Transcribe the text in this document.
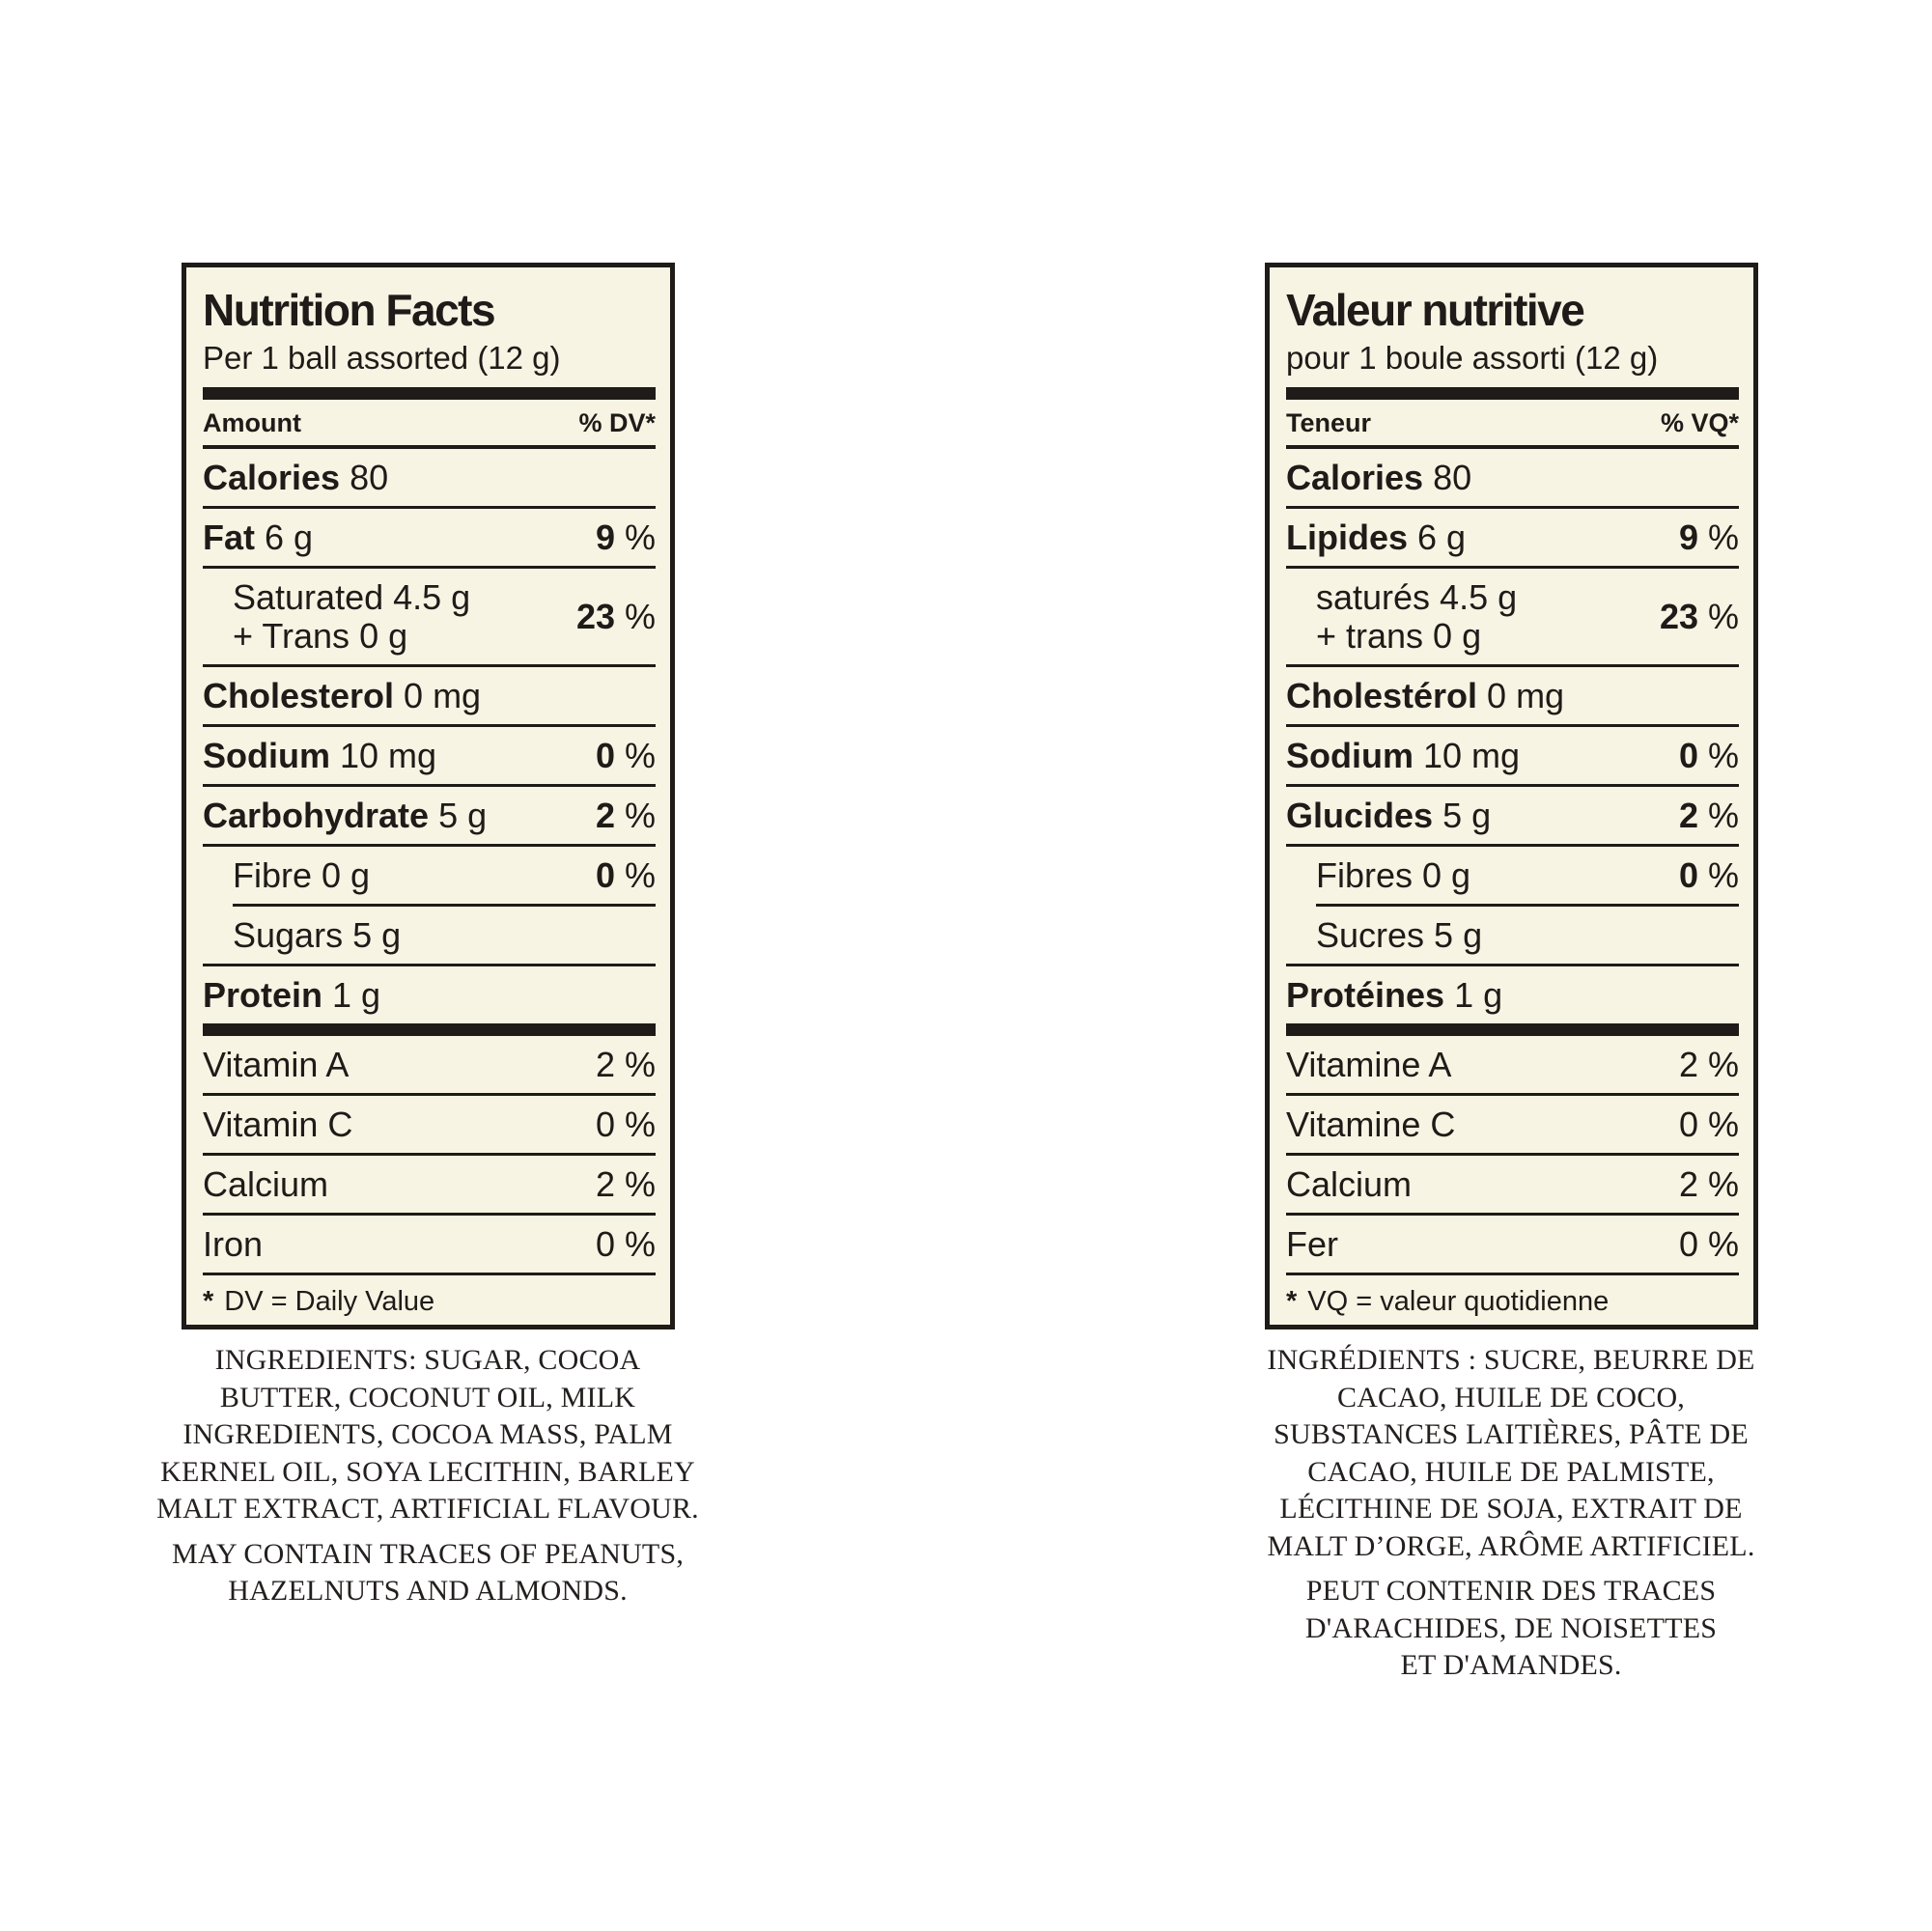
Nutrition Facts

Per 1 ball assorted (12 g)

Amount	% DV*
Calories 80
Fat 6 g	9 %
Saturated 4.5 g
+ Trans 0 g	23 %
Cholesterol 0 mg
Sodium 10 mg	0 %
Carbohydrate 5 g	2 %
Fibre 0 g	0 %
Sugars 5 g
Protein 1 g
Vitamin A	2 %
Vitamin C	0 %
Calcium	2 %
Iron	0 %
* DV = Daily Value
Valeur nutritive

pour 1 boule assorti (12 g)

Teneur	% VQ*
Calories 80
Lipides 6 g	9 %
saturés 4.5 g
+ trans 0 g	23 %
Cholestérol 0 mg
Sodium 10 mg	0 %
Glucides 5 g	2 %
Fibres 0 g	0 %
Sucres 5 g
Protéines 1 g
Vitamine A	2 %
Vitamine C	0 %
Calcium	2 %
Fer	0 %
* VQ = valeur quotidienne
INGREDIENTS: SUGAR, COCOA
BUTTER, COCONUT OIL, MILK
INGREDIENTS, COCOA MASS, PALM
KERNEL OIL, SOYA LECITHIN, BARLEY
MALT EXTRACT, ARTIFICIAL FLAVOUR.
MAY CONTAIN TRACES OF PEANUTS,
HAZELNUTS AND ALMONDS.
INGRÉDIENTS : SUCRE, BEURRE DE
CACAO, HUILE DE COCO,
SUBSTANCES LAITIÈRES, PÂTE DE
CACAO, HUILE DE PALMISTE,
LÉCITHINE DE SOJA, EXTRAIT DE
MALT D’ORGE, ARÔME ARTIFICIEL.
PEUT CONTENIR DES TRACES
D'ARACHIDES, DE NOISETTES
ET D'AMANDES.
